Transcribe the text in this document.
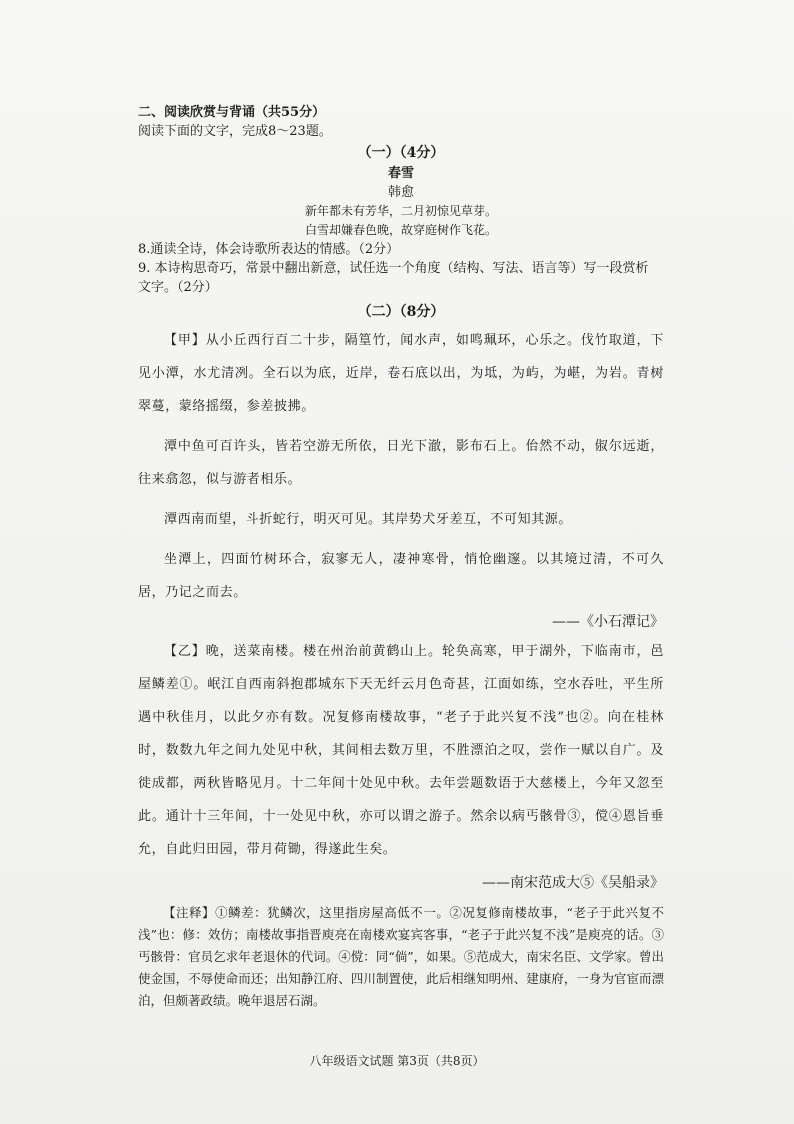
二、阅读欣赏与背诵（共55分）
阅读下面的文字，完成8～23题。
（一）（4分）
春雪
韩愈
新年都未有芳华，二月初惊见草芽。
白雪却嫌春色晚，故穿庭树作飞花。
8.通读全诗，体会诗歌所表达的情感。（2分）
9. 本诗构思奇巧，常景中翻出新意，试任选一个角度（结构、写法、语言等）写一段赏析
文字。（2分）
（二）（8分）

【甲】从小丘西行百二十步，隔篁竹，闻水声，如鸣珮环，心乐之。伐竹取道，下见小潭，水尤清冽。全石以为底，近岸，卷石底以出，为坻，为屿，为嵁，为岩。青树翠蔓，蒙络摇缀，参差披拂。

潭中鱼可百许头，皆若空游无所依，日光下澈，影布石上。佁然不动，俶尔远逝，往来翕忽，似与游者相乐。

潭西南而望，斗折蛇行，明灭可见。其岸势犬牙差互，不可知其源。

坐潭上，四面竹树环合，寂寥无人，凄神寒骨，悄怆幽邃。以其境过清，不可久居，乃记之而去。

——《小石潭记》

【乙】晚，送菜南楼。楼在州治前黄鹤山上。轮奂高寒，甲于湖外，下临南市，邑屋鳞差①。岷江自西南斜抱郡城东下天无纤云月色奇甚，江面如练，空水吞吐，平生所遇中秋佳月，以此夕亦有数。况复修南楼故事，“老子于此兴复不浅”也②。向在桂林时，数数九年之间九处见中秋，其间相去数万里，不胜漂泊之叹，尝作一赋以自广。及徙成都，两秋皆略见月。十二年间十处见中秋。去年尝题数语于大慈楼上，今年又忽至此。通计十三年间，十一处见中秋，亦可以谓之游子。然余以病丐骸骨③，傥④恩旨垂允，自此归田园，带月荷锄，得遂此生矣。

——南宋范成大⑤《吴船录》

【注释】①鳞差：犹鳞次，这里指房屋高低不一。②况复修南楼故事，“老子于此兴复不浅”也：修：效仿；南楼故事指晋庾亮在南楼欢宴宾客事，“老子于此兴复不浅”是庾亮的话。③丐骸骨：官员乞求年老退休的代词。④傥：同“倘”，如果。⑤范成大，南宋名臣、文学家。曾出使金国，不辱使命而还；出知静江府、四川制置使，此后相继知明州、建康府，一身为官宦而漂泊，但颇著政绩。晚年退居石湖。

八年级语文试题 第3页（共8页）
